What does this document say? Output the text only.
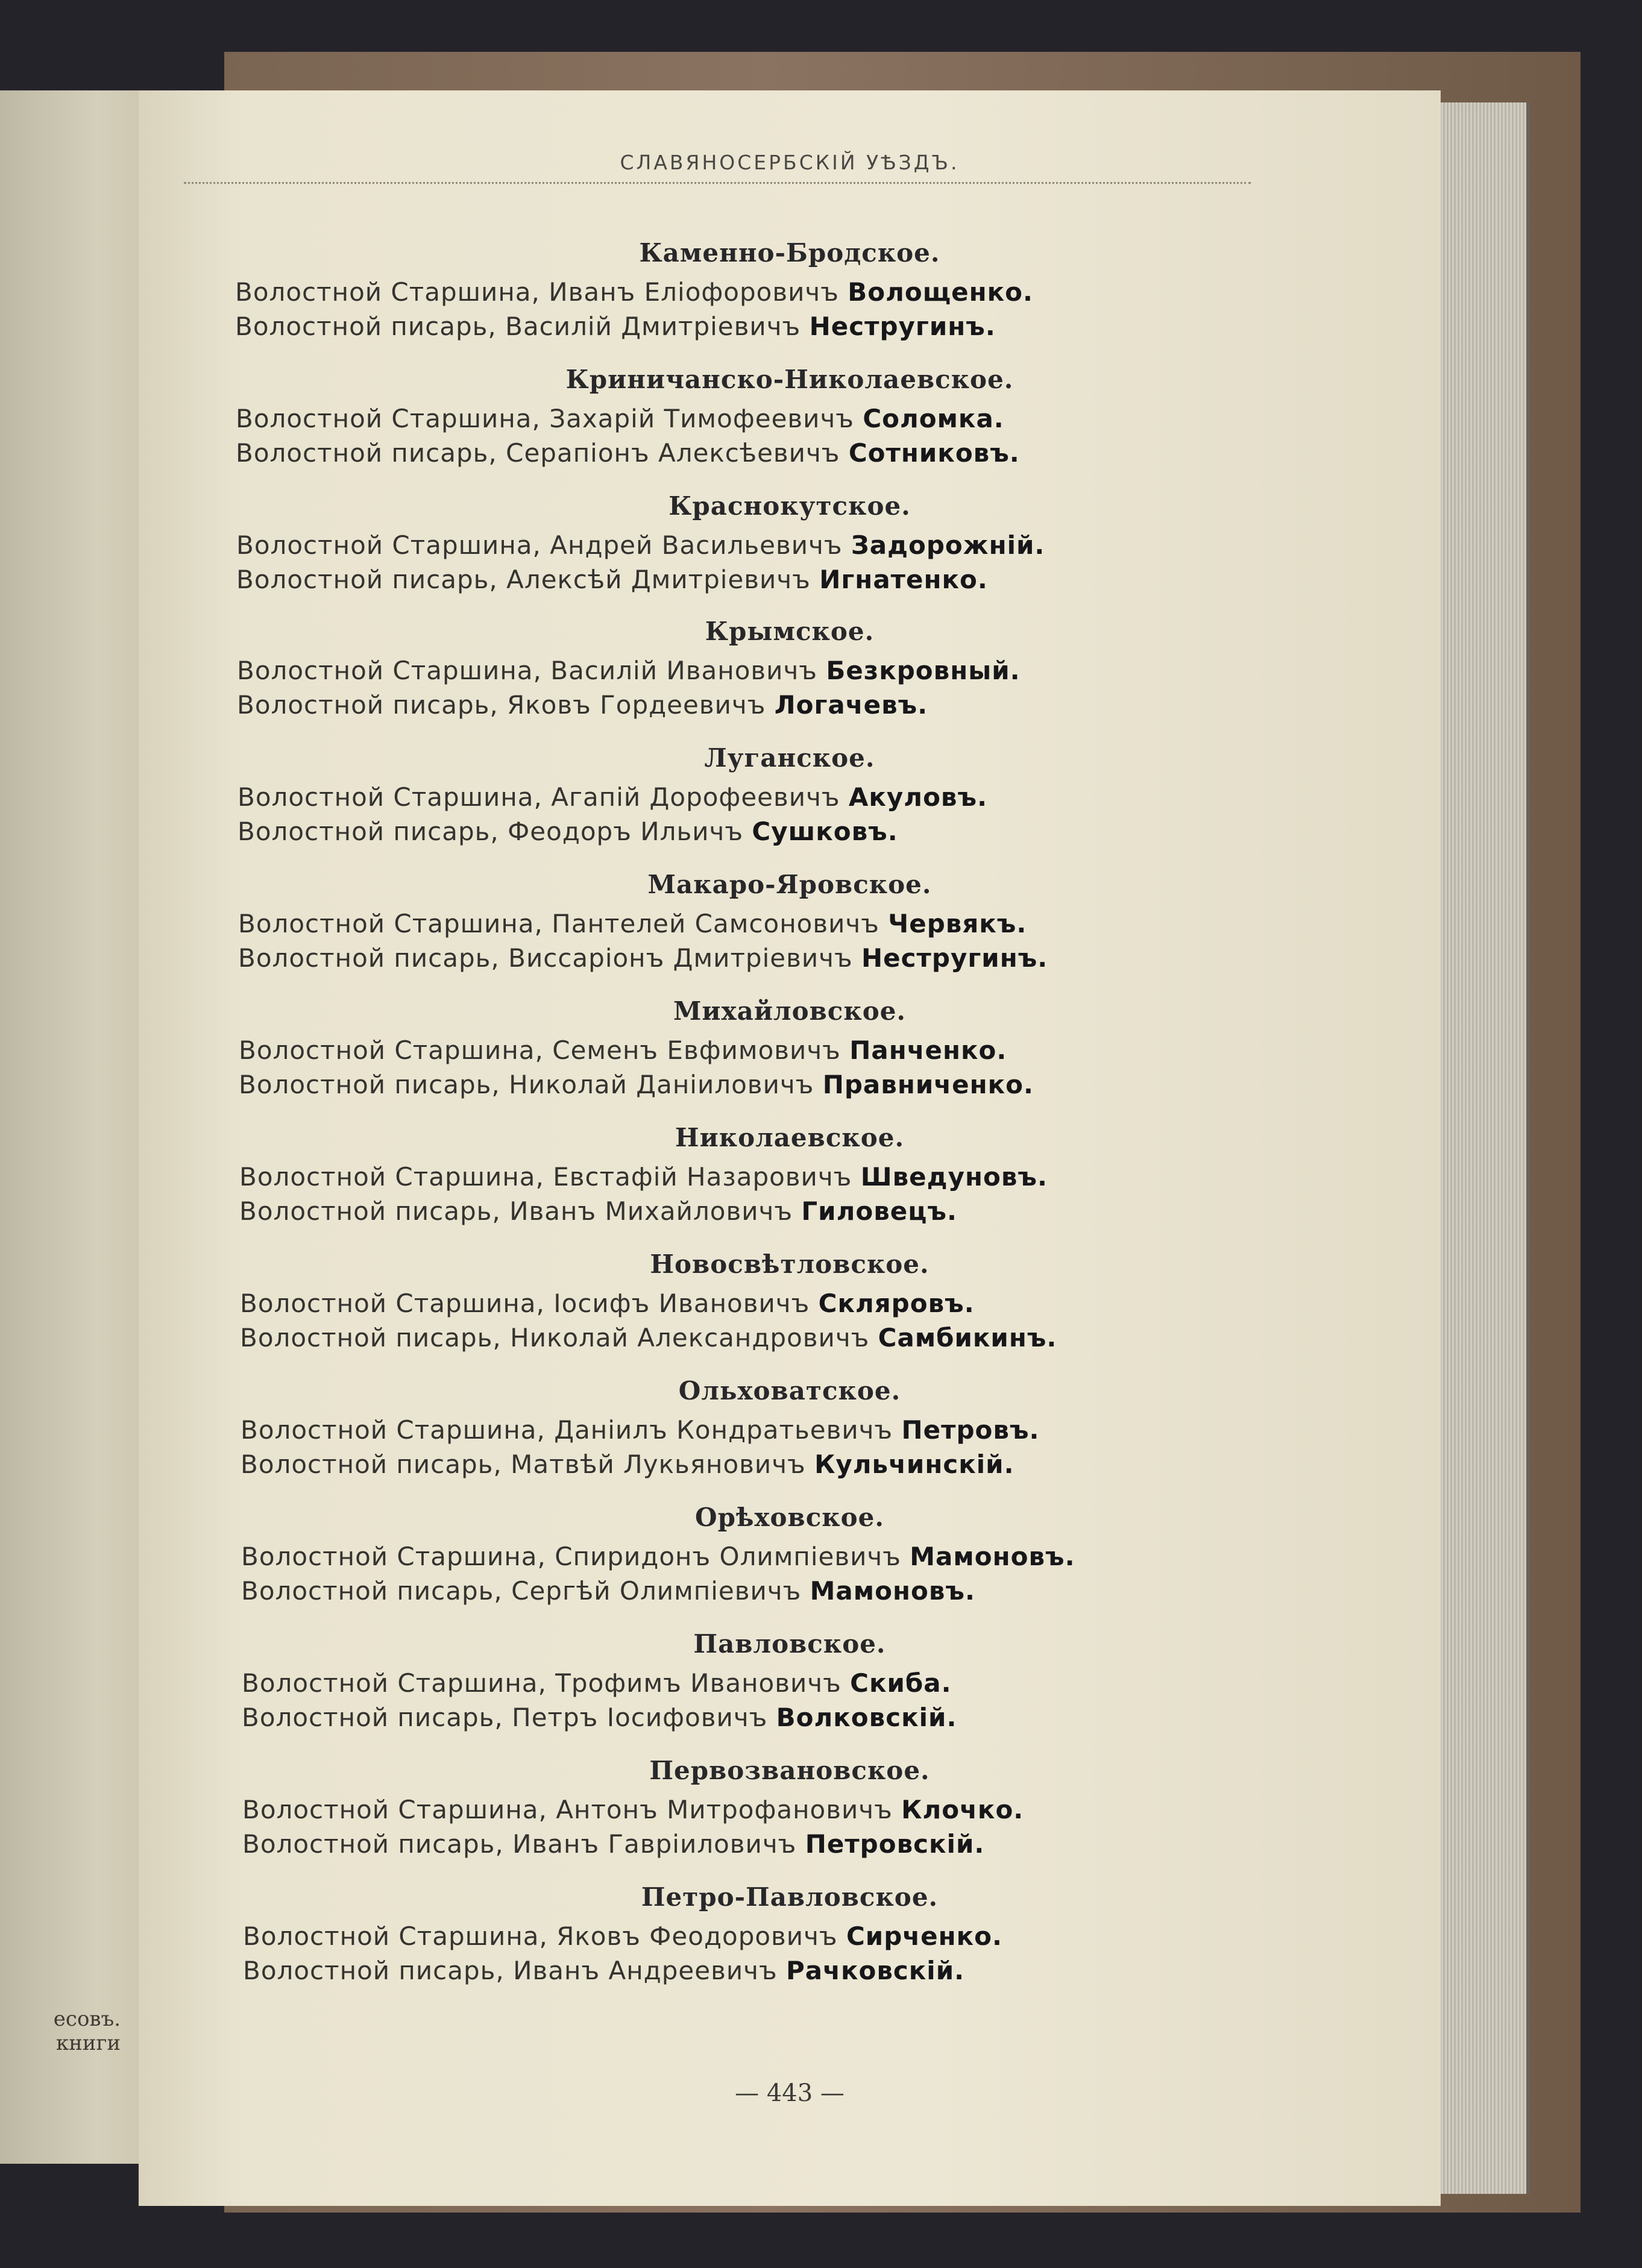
есовъ.
книги
СЛАВЯНОСЕРБСКІЙ УѢЗДЪ.
Каменно-Бродское.
Волостной Старшина, Иванъ Еліофоровичъ Волощенко.
Волостной писарь, Василій Дмитріевичъ Нестругинъ.
Криничанско-Николаевское.
Волостной Старшина, Захарій Тимофеевичъ Соломка.
Волостной писарь, Серапіонъ Алексѣевичъ Сотниковъ.
Краснокутское.
Волостной Старшина, Андрей Васильевичъ Задорожній.
Волостной писарь, Алексѣй Дмитріевичъ Игнатенко.
Крымское.
Волостной Старшина, Василій Ивановичъ Безкровный.
Волостной писарь, Яковъ Гордеевичъ Логачевъ.
Луганское.
Волостной Старшина, Агапій Дорофеевичъ Акуловъ.
Волостной писарь, Феодоръ Ильичъ Сушковъ.
Макаро-Яровское.
Волостной Старшина, Пантелей Самсоновичъ Червякъ.
Волостной писарь, Виссаріонъ Дмитріевичъ Нестругинъ.
Михайловское.
Волостной Старшина, Семенъ Евфимовичъ Панченко.
Волостной писарь, Николай Даніиловичъ Правниченко.
Николаевское.
Волостной Старшина, Евстафій Назаровичъ Шведуновъ.
Волостной писарь, Иванъ Михайловичъ Гиловецъ.
Новосвѣтловское.
Волостной Старшина, Іосифъ Ивановичъ Скляровъ.
Волостной писарь, Николай Александровичъ Самбикинъ.
Ольховатское.
Волостной Старшина, Даніилъ Кондратьевичъ Петровъ.
Волостной писарь, Матвѣй Лукьяновичъ Кульчинскій.
Орѣховское.
Волостной Старшина, Спиридонъ Олимпіевичъ Мамоновъ.
Волостной писарь, Сергѣй Олимпіевичъ Мамоновъ.
Павловское.
Волостной Старшина, Трофимъ Ивановичъ Скиба.
Волостной писарь, Петръ Іосифовичъ Волковскій.
Первозвановское.
Волостной Старшина, Антонъ Митрофановичъ Клочко.
Волостной писарь, Иванъ Гавріиловичъ Петровскій.
Петро-Павловское.
Волостной Старшина, Яковъ Феодоровичъ Сирченко.
Волостной писарь, Иванъ Андреевичъ Рачковскій.
— 443 —
